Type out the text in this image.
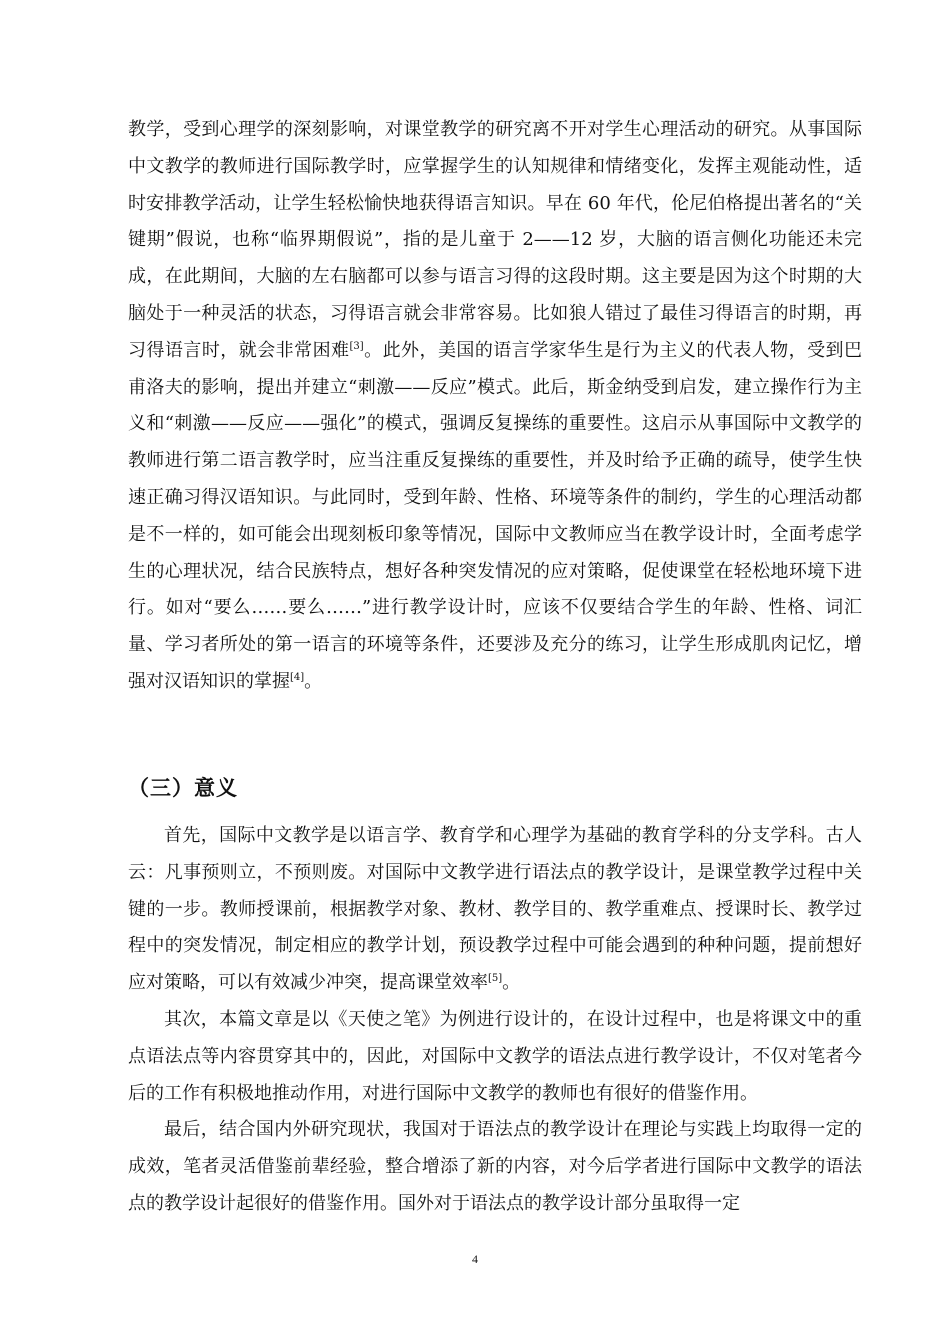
教学，受到心理学的深刻影响，对课堂教学的研究离不开对学生心理活动的研究。从事国际中文教学的教师进行国际教学时，应掌握学生的认知规律和情绪变化，发挥主观能动性，适时安排教学活动，让学生轻松愉快地获得语言知识。早在 60 年代，伦尼伯格提出著名的“关键期”假说，也称“临界期假说”，指的是儿童于 2——12 岁，大脑的语言侧化功能还未完成，在此期间，大脑的左右脑都可以参与语言习得的这段时期。这主要是因为这个时期的大脑处于一种灵活的状态，习得语言就会非常容易。比如狼人错过了最佳习得语言的时期，再习得语言时，就会非常困难[3]。此外，美国的语言学家华生是行为主义的代表人物，受到巴甫洛夫的影响，提出并建立“刺激——反应”模式。此后，斯金纳受到启发，建立操作行为主义和“刺激——反应——强化”的模式，强调反复操练的重要性。这启示从事国际中文教学的教师进行第二语言教学时，应当注重反复操练的重要性，并及时给予正确的疏导，使学生快速正确习得汉语知识。与此同时，受到年龄、性格、环境等条件的制约，学生的心理活动都是不一样的，如可能会出现刻板印象等情况，国际中文教师应当在教学设计时，全面考虑学生的心理状况，结合民族特点，想好各种突发情况的应对策略，促使课堂在轻松地环境下进行。如对“要么……要么……”进行教学设计时，应该不仅要结合学生的年龄、性格、词汇量、学习者所处的第一语言的环境等条件，还要涉及充分的练习，让学生形成肌肉记忆，增强对汉语知识的掌握[4]。

（三）意义

首先，国际中文教学是以语言学、教育学和心理学为基础的教育学科的分支学科。古人云：凡事预则立，不预则废。对国际中文教学进行语法点的教学设计，是课堂教学过程中关键的一步。教师授课前，根据教学对象、教材、教学目的、教学重难点、授课时长、教学过程中的突发情况，制定相应的教学计划，预设教学过程中可能会遇到的种种问题，提前想好应对策略，可以有效减少冲突，提高课堂效率[5]。

其次，本篇文章是以《天使之笔》为例进行设计的，在设计过程中，也是将课文中的重点语法点等内容贯穿其中的，因此，对国际中文教学的语法点进行教学设计，不仅对笔者今后的工作有积极地推动作用，对进行国际中文教学的教师也有很好的借鉴作用。

最后，结合国内外研究现状，我国对于语法点的教学设计在理论与实践上均取得一定的成效，笔者灵活借鉴前辈经验，整合增添了新的内容，对今后学者进行国际中文教学的语法点的教学设计起很好的借鉴作用。国外对于语法点的教学设计部分虽取得一定

4
